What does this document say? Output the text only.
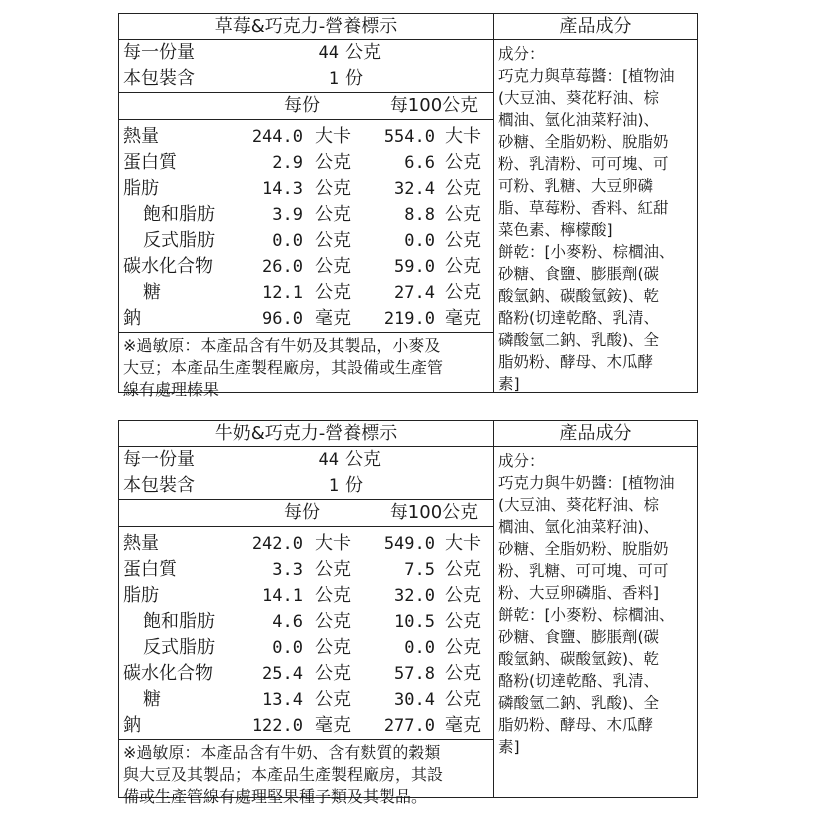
草莓&巧克力-營養標示
每一份量	44 公克
本包裝含	1 份
每份	每100公克
熱量	244.0 大卡	554.0 大卡
蛋白質	2.9 公克	6.6 公克
脂肪	14.3 公克	32.4 公克
飽和脂肪	3.9 公克	8.8 公克
反式脂肪	0.0 公克	0.0 公克
碳水化合物	26.0 公克	59.0 公克
糖	12.1 公克	27.4 公克
鈉	96.0 毫克	219.0 毫克
※過敏原：本產品含有牛奶及其製品，小麥及
大豆；本產品生產製程廠房，其設備或生產管
線有處理榛果
產品成分
成分：
巧克力與草莓醬：[植物油
(大豆油、葵花籽油、棕
櫚油、氫化油菜籽油)、
砂糖、全脂奶粉、脫脂奶
粉、乳清粉、可可塊、可
可粉、乳糖、大豆卵磷
脂、草莓粉、香料、紅甜
菜色素、檸檬酸]
餅乾：[小麥粉、棕櫚油、
砂糖、食鹽、膨脹劑(碳
酸氫鈉、碳酸氫銨)、乾
酪粉(切達乾酪、乳清、
磷酸氫二鈉、乳酸)、全
脂奶粉、酵母、木瓜酵
素]
牛奶&巧克力-營養標示
每一份量	44 公克
本包裝含	1 份
每份	每100公克
熱量	242.0 大卡	549.0 大卡
蛋白質	3.3 公克	7.5 公克
脂肪	14.1 公克	32.0 公克
飽和脂肪	4.6 公克	10.5 公克
反式脂肪	0.0 公克	0.0 公克
碳水化合物	25.4 公克	57.8 公克
糖	13.4 公克	30.4 公克
鈉	122.0 毫克	277.0 毫克
※過敏原：本產品含有牛奶、含有麩質的穀類
與大豆及其製品；本產品生產製程廠房，其設
備或生產管線有處理堅果種子類及其製品。
產品成分
成分：
巧克力與牛奶醬：[植物油
(大豆油、葵花籽油、棕
櫚油、氫化油菜籽油)、
砂糖、全脂奶粉、脫脂奶
粉、乳糖、可可塊、可可
粉、大豆卵磷脂、香料]
餅乾：[小麥粉、棕櫚油、
砂糖、食鹽、膨脹劑(碳
酸氫鈉、碳酸氫銨)、乾
酪粉(切達乾酪、乳清、
磷酸氫二鈉、乳酸)、全
脂奶粉、酵母、木瓜酵
素]
